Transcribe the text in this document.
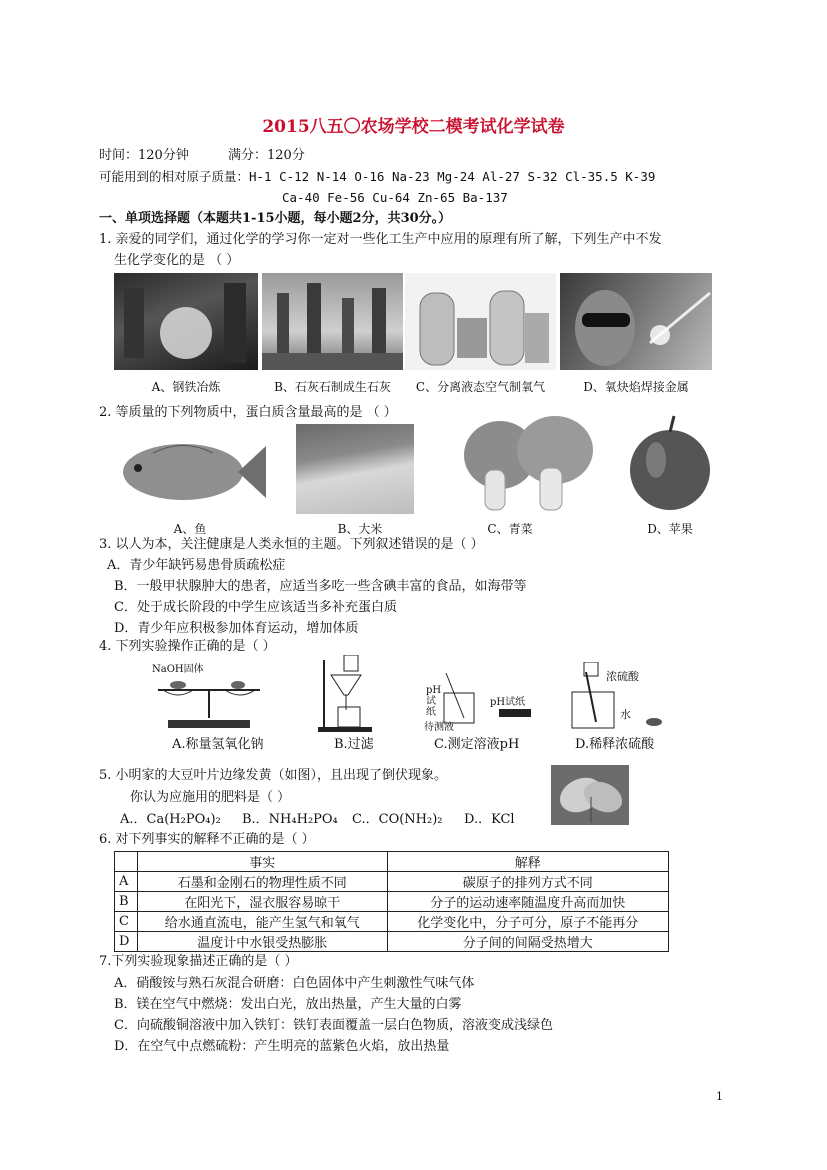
2015八五〇农场学校二模考试化学试卷
时间：120分钟	满分：120分
可能用到的相对原子质量：H-1 C-12 N-14 O-16 Na-23 Mg-24 Al-27 S-32 Cl-35.5 K-39
Ca-40 Fe-56 Cu-64 Zn-65 Ba-137
一、单项选择题（本题共1-15小题，每小题2分，共30分。）
1. 亲爱的同学们，通过化学的学习你一定对一些化工生产中应用的原理有所了解，下列生产中不发
生化学变化的是 （ ）
A、钢铁冶炼	B、石灰石制成生石灰	C、分离液态空气制氧气	D、氧炔焰焊接金属
2. 等质量的下列物质中，蛋白质含量最高的是 （ ）
A、鱼	B、大米	C、青菜	D、苹果
3. 以人为本，关注健康是人类永恒的主题。下列叙述错误的是（ ）
A．青少年缺钙易患骨质疏松症
B．一般甲状腺肿大的患者，应适当多吃一些含碘丰富的食品，如海带等
C．处于成长阶段的中学生应该适当多补充蛋白质
D．青少年应积极参加体育运动，增加体质
4. 下列实验操作正确的是（ ）
NaOH固体
pH试纸
pH试纸
待测液
浓硫酸
水
A.称量氢氧化钠	B.过滤	C.测定溶液pH	D.稀释浓硫酸
5. 小明家的大豆叶片边缘发黄（如图），且出现了倒伏现象。
你认为应施用的肥料是（ ）
A.．Ca(H₂PO₄)₂ B.．NH₄H₂PO₄ C.．CO(NH₂)₂ D.．KCl
6. 对下列事实的解释不正确的是（ ）
	事实	解释
A	石墨和金刚石的物理性质不同	碳原子的排列方式不同
B	在阳光下，湿衣服容易晾干	分子的运动速率随温度升高而加快
C	给水通直流电，能产生氢气和氧气	化学变化中，分子可分，原子不能再分
D	温度计中水银受热膨胀	分子间的间隔受热增大
7.下列实验现象描述正确的是（ ）
A．硝酸铵与熟石灰混合研磨：白色固体中产生刺激性气味气体
B．镁在空气中燃烧：发出白光，放出热量，产生大量的白雾
C．向硫酸铜溶液中加入铁钉：铁钉表面覆盖一层白色物质，溶液变成浅绿色
D．在空气中点燃硫粉：产生明亮的蓝紫色火焰，放出热量
1
